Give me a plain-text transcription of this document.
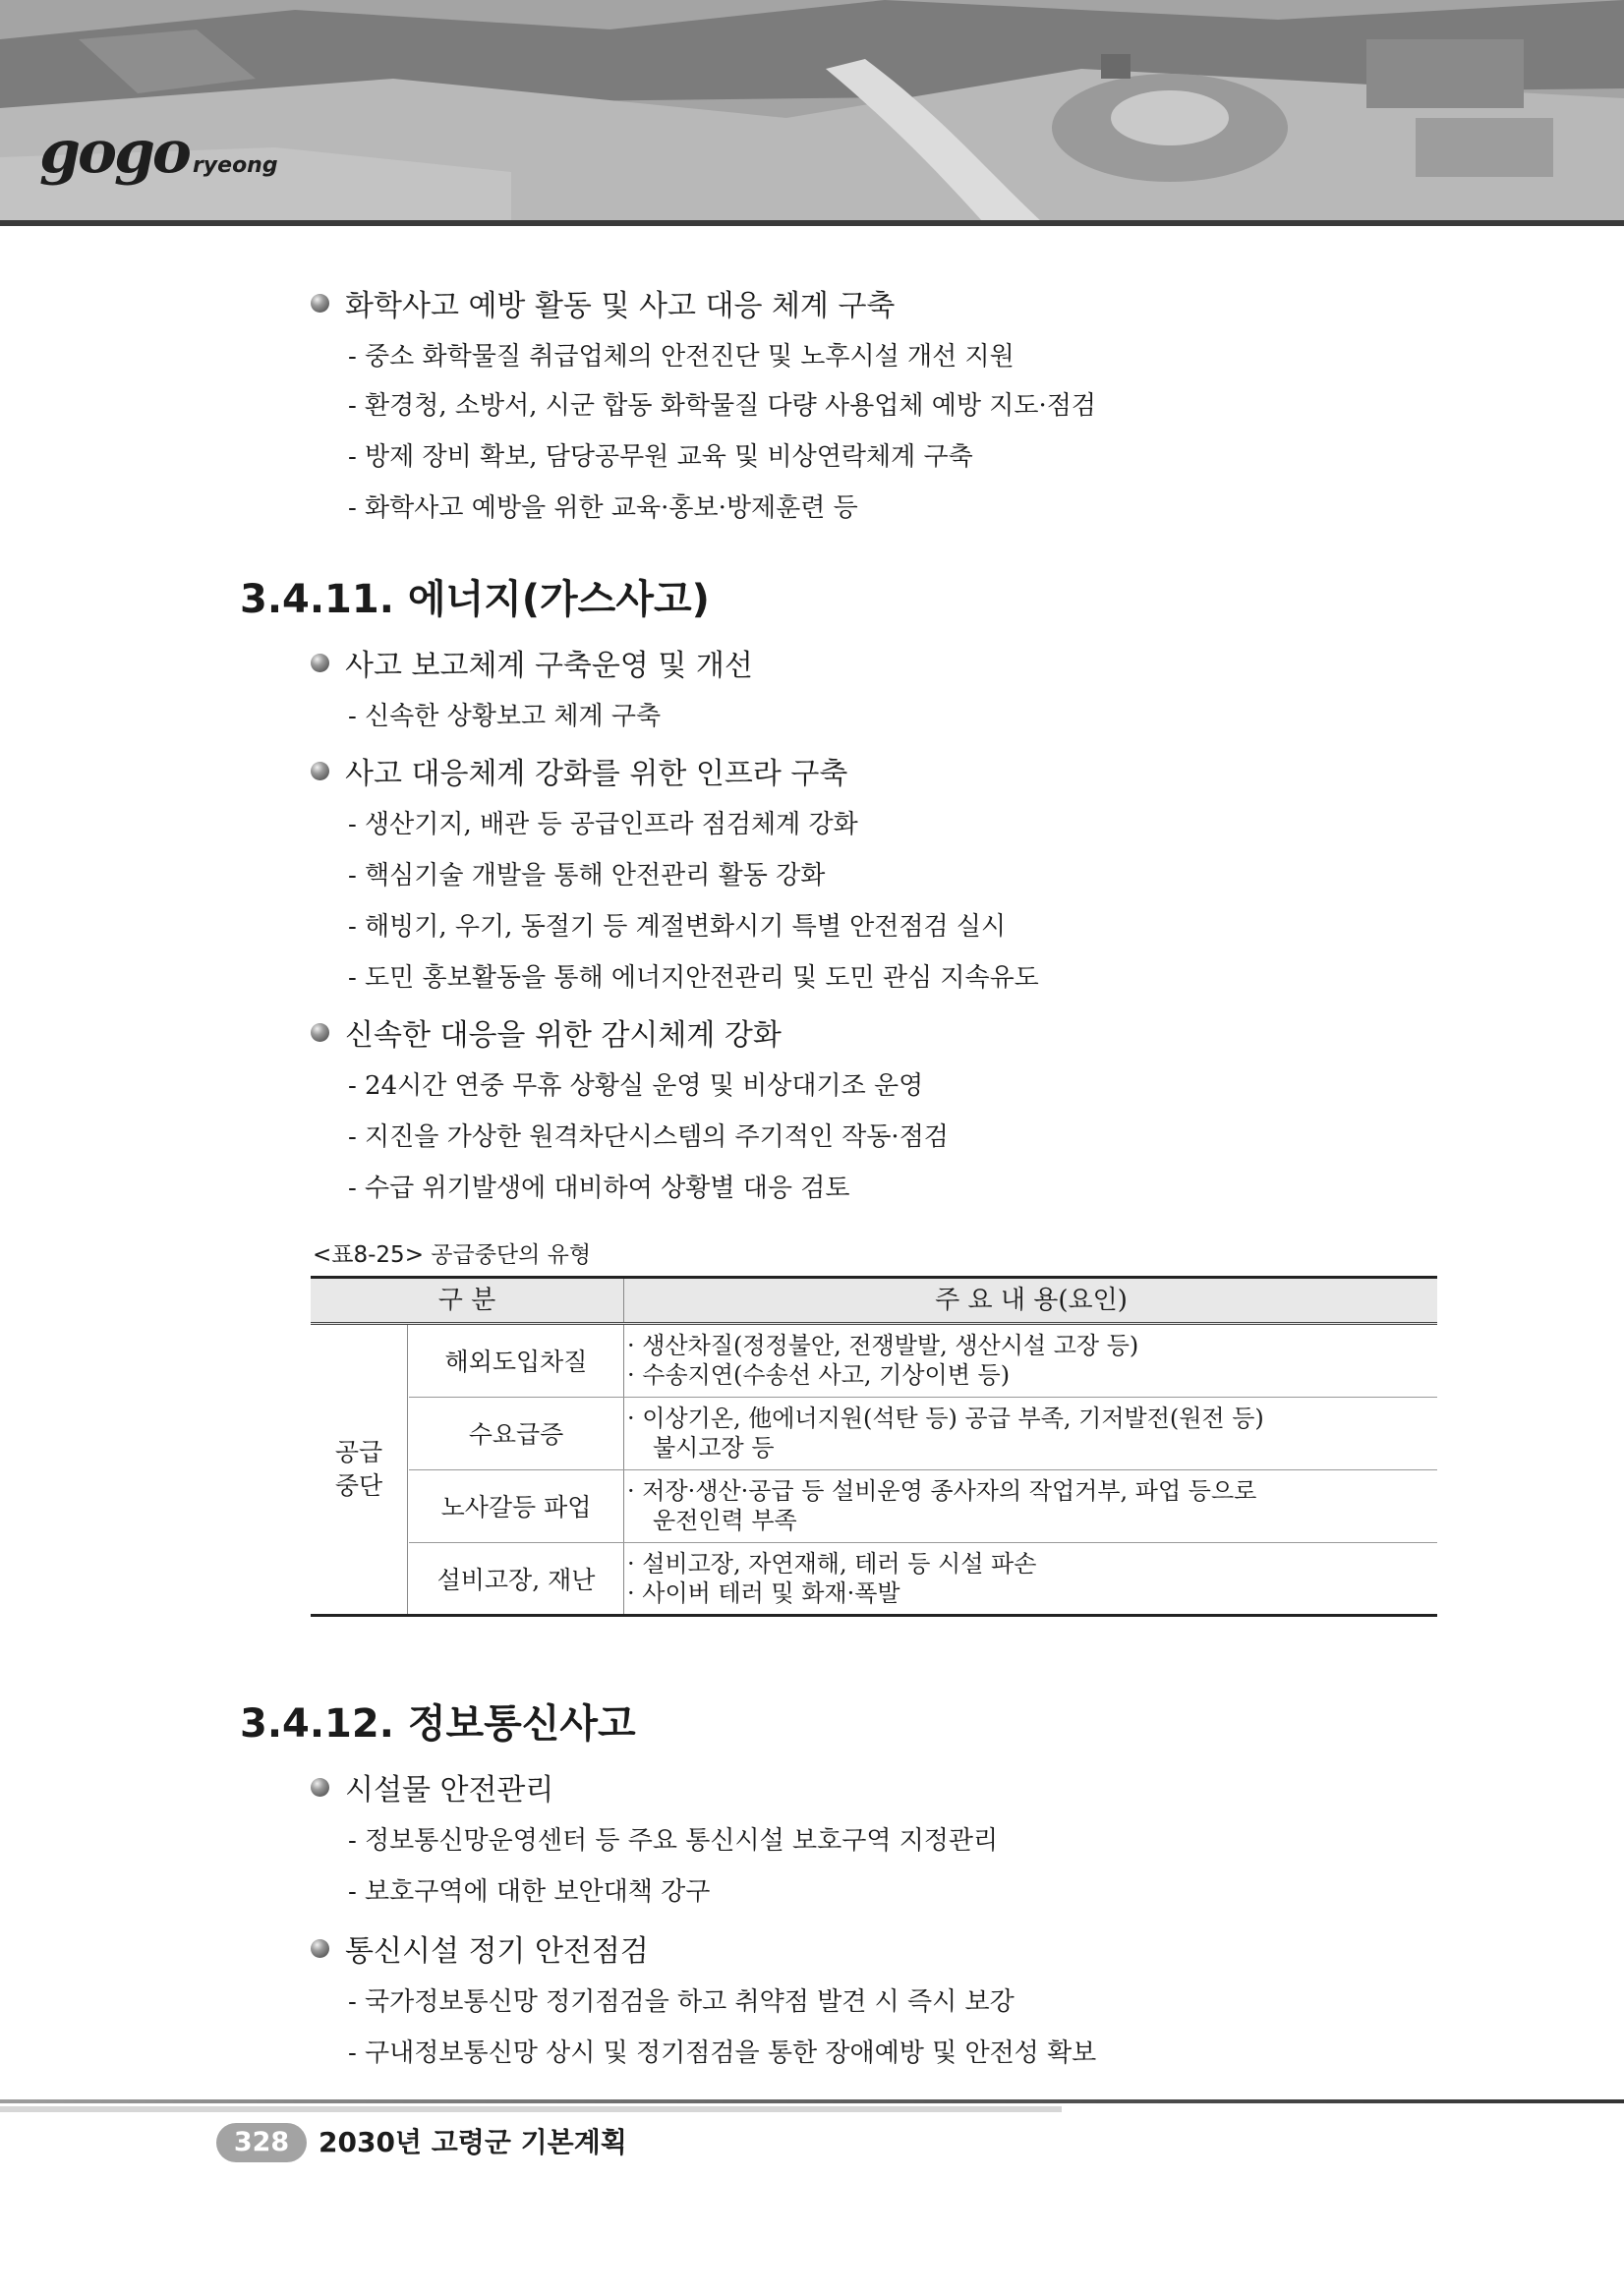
gogo ryeong
화학사고 예방 활동 및 사고 대응 체계 구축
- 중소 화학물질 취급업체의 안전진단 및 노후시설 개선 지원
- 환경청, 소방서, 시군 합동 화학물질 다량 사용업체 예방 지도·점검
- 방제 장비 확보, 담당공무원 교육 및 비상연락체계 구축
- 화학사고 예방을 위한 교육·홍보·방제훈련 등
3.4.11. 에너지(가스사고)
사고 보고체계 구축운영 및 개선
- 신속한 상황보고 체계 구축
사고 대응체계 강화를 위한 인프라 구축
- 생산기지, 배관 등 공급인프라 점검체계 강화
- 핵심기술 개발을 통해 안전관리 활동 강화
- 해빙기, 우기, 동절기 등 계절변화시기 특별 안전점검 실시
- 도민 홍보활동을 통해 에너지안전관리 및 도민 관심 지속유도
신속한 대응을 위한 감시체계 강화
- 24시간 연중 무휴 상황실 운영 및 비상대기조 운영
- 지진을 가상한 원격차단시스템의 주기적인 작동·점검
- 수급 위기발생에 대비하여 상황별 대응 검토
<표8-25> 공급중단의 유형
구 분	주 요 내 용(요인)
공급
중단
해외도입차질
· 생산차질(정정불안, 전쟁발발, 생산시설 고장 등)
· 수송지연(수송선 사고, 기상이변 등)
수요급증
· 이상기온, 他에너지원(석탄 등) 공급 부족, 기저발전(원전 등)
불시고장 등
노사갈등 파업
· 저장·생산·공급 등 설비운영 종사자의 작업거부, 파업 등으로
운전인력 부족
설비고장, 재난
· 설비고장, 자연재해, 테러 등 시설 파손
· 사이버 테러 및 화재·폭발
3.4.12. 정보통신사고
시설물 안전관리
- 정보통신망운영센터 등 주요 통신시설 보호구역 지정관리
- 보호구역에 대한 보안대책 강구
통신시설 정기 안전점검
- 국가정보통신망 정기점검을 하고 취약점 발견 시 즉시 보강
- 구내정보통신망 상시 및 정기점검을 통한 장애예방 및 안전성 확보
328	2030년 고령군 기본계획
